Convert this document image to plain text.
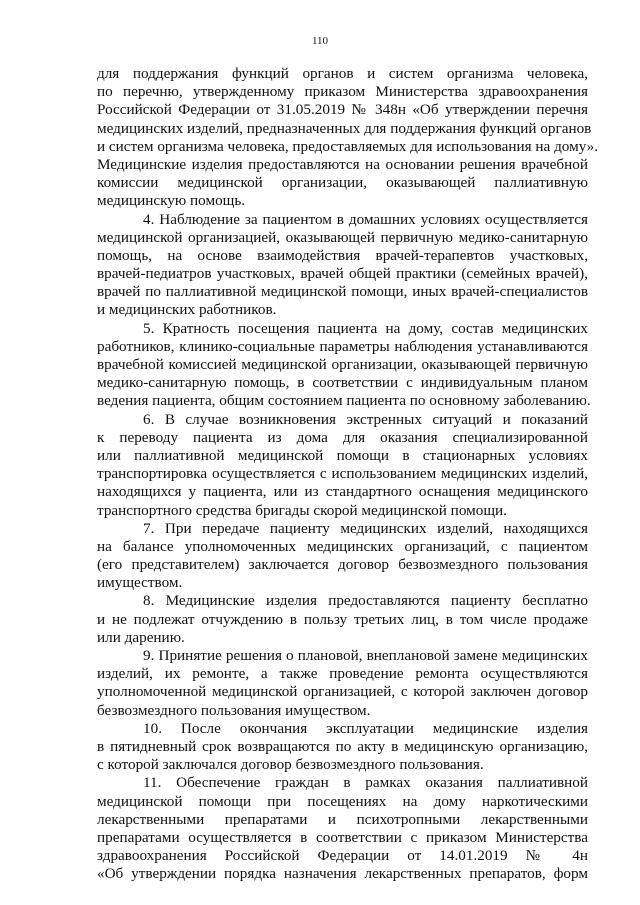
110
для поддержания функций органов и систем организма человека,
по перечню, утвержденному приказом Министерства здравоохранения
Российской Федерации от 31.05.2019 № 348н «Об утверждении перечня
медицинских изделий, предназначенных для поддержания функций органов
и систем организма человека, предоставляемых для использования на дому».
Медицинские изделия предоставляются на основании решения врачебной
комиссии медицинской организации, оказывающей паллиативную
медицинскую помощь.
4. Наблюдение за пациентом в домашних условиях осуществляется
медицинской организацией, оказывающей первичную медико-санитарную
помощь, на основе взаимодействия врачей-терапевтов участковых,
врачей-педиатров участковых, врачей общей практики (семейных врачей),
врачей по паллиативной медицинской помощи, иных врачей-специалистов
и медицинских работников.
5. Кратность посещения пациента на дому, состав медицинских
работников, клинико-социальные параметры наблюдения устанавливаются
врачебной комиссией медицинской организации, оказывающей первичную
медико-санитарную помощь, в соответствии с индивидуальным планом
ведения пациента, общим состоянием пациента по основному заболеванию.
6. В случае возникновения экстренных ситуаций и показаний
к переводу пациента из дома для оказания специализированной
или паллиативной медицинской помощи в стационарных условиях
транспортировка осуществляется с использованием медицинских изделий,
находящихся у пациента, или из стандартного оснащения медицинского
транспортного средства бригады скорой медицинской помощи.
7. При передаче пациенту медицинских изделий, находящихся
на балансе уполномоченных медицинских организаций, с пациентом
(его представителем) заключается договор безвозмездного пользования
имуществом.
8. Медицинские изделия предоставляются пациенту бесплатно
и не подлежат отчуждению в пользу третьих лиц, в том числе продаже
или дарению.
9. Принятие решения о плановой, внеплановой замене медицинских
изделий, их ремонте, а также проведение ремонта осуществляются
уполномоченной медицинской организацией, с которой заключен договор
безвозмездного пользования имуществом.
10. После окончания эксплуатации медицинские изделия
в пятидневный срок возвращаются по акту в медицинскую организацию,
с которой заключался договор безвозмездного пользования.
11. Обеспечение граждан в рамках оказания паллиативной
медицинской помощи при посещениях на дому наркотическими
лекарственными препаратами и психотропными лекарственными
препаратами осуществляется в соответствии с приказом Министерства
здравоохранения Российской Федерации от 14.01.2019 № 4н
«Об утверждении порядка назначения лекарственных препаратов, форм
